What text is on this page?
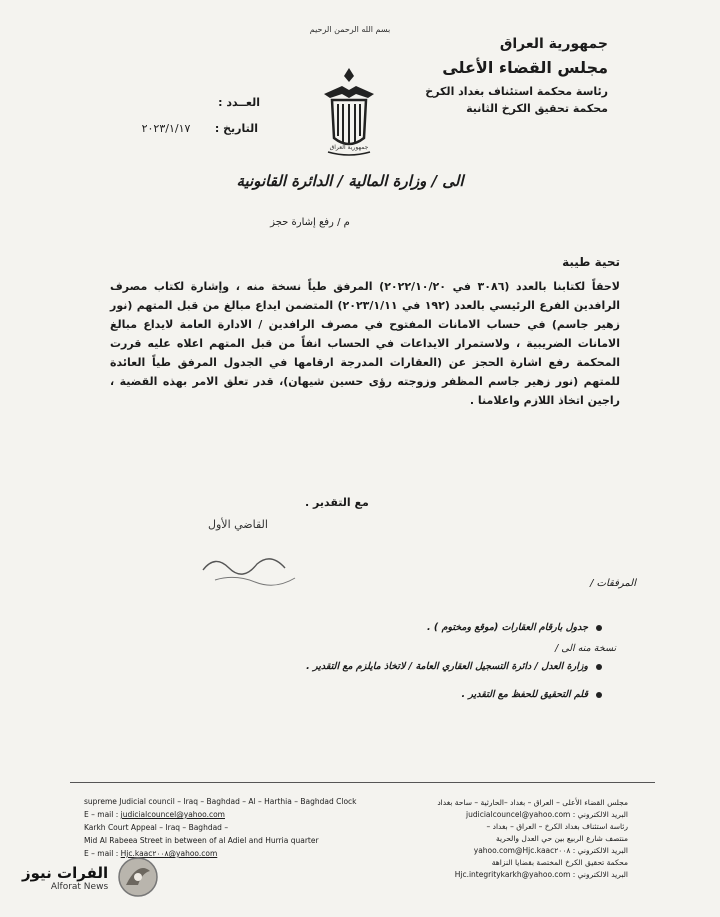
بسم الله الرحمن الرحيم
جمهورية العراق
مجلس القضاء الأعلى
رئاسة محكمة استئناف بغداد الكرخ
محكمة تحقيق الكرخ الثانية
جمهورية العراق
العــدد :
التاريخ :
٢٠٢٣/١/١٧
الى / وزارة المالية / الدائرة القانونية
م / رفع إشارة حجز
تحية طيبة
لاحقاً لكتابنا بالعدد (٣٠٨٦ في ٢٠٢٢/١٠/٢٠) المرفق طياً نسخة منه ، وإشارة لكتاب مصرف الرافدين الفرع الرئيسي بالعدد (١٩٢ في ٢٠٢٣/١/١١) المتضمن ايداع مبالغ من قبل المتهم (نور زهير جاسم) في حساب الامانات المفتوح في مصرف الرافدين / الادارة العامة لايداع مبالغ الامانات الضريبية ، ولاستمرار الايداعات في الحساب انفاً من قبل المتهم اعلاه عليه قررت المحكمة رفع اشارة الحجز عن (العقارات المدرجة ارقامها في الجدول المرفق طياً العائدة للمتهم (نور زهير جاسم المظفر وزوجته رؤى حسين شيهان)، قدر تعلق الامر بهذه القضية ، راجين اتخاذ اللازم واعلامنا .
مع التقدير .
القاضي الأول
المرفقات /
جدول بارقام العقارات (موقع ومختوم ) .
نسخة منه الى /
وزارة العدل / دائرة التسجيل العقاري العامة / لاتخاذ مايلزم مع التقدير .
قلم التحقيق للحفظ مع التقدير .
supreme Judicial council – Iraq – Baghdad – Al – Harthia – Baghdad Clock
E – mail : judicialcouncel@yahoo.com
Karkh Court Appeal – Iraq – Baghdad –
Mid Al Rabeea Street in between of al Adiel and Hurria quarter
E – mail : Hjc.kaac٢٠٠٨@yahoo.com
مجلس القضاء الأعلى – العراق – بغداد –الحارثية – ساحة بغداد
البريد الالكتروني : judicialcouncel@yahoo.com
رئاسة استئناف بغداد الكرخ – العراق – بغداد –
منتصف شارع الربيع بين حي العدل والحرية
البريد الالكتروني : Hjc.kaac٢٠٠٨@yahoo.com
محكمة تحقيق الكرخ المختصة بقضايا النزاهة
البريد الالكتروني : Hjc.integritykarkh@yahoo.com
الفرات نيوز
Alforat News
